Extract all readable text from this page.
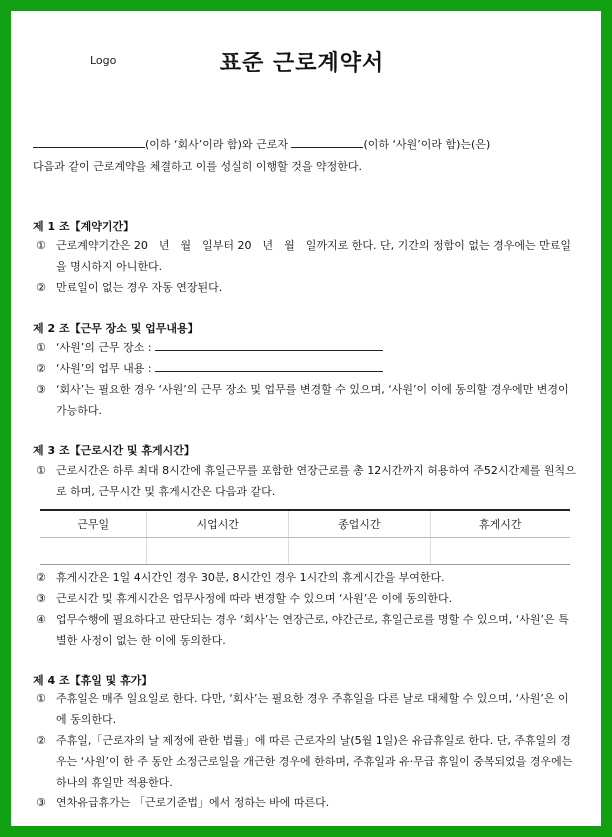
Logo	표준 근로계약서
(이하 ‘회사’이라 함)와 근로자	(이하 ‘사원’이라 함)는(은)
다음과 같이 근로계약을 체결하고 이를 성실히 이행할 것을 약정한다.
제 1 조【계약기간】
① 근로계약기간은 20　년　월　일부터 20　년　월　일까지로 한다. 단, 기간의 정함이 없는 경우에는 만료일을 명시하지 아니한다.
② 만료일이 없는 경우 자동 연장된다.
제 2 조【근무 장소 및 업무내용】
① ‘사원’의 근무 장소 :
② ‘사원’의 업무 내용 :
③ ‘회사’는 필요한 경우 ‘사원’의 근무 장소 및 업무를 변경할 수 있으며, ‘사원’이 이에 동의할 경우에만 변경이 가능하다.
제 3 조【근로시간 및 휴게시간】
① 근로시간은 하루 최대 8시간에 휴일근무를 포함한 연장근로를 총 12시간까지 허용하여 주52시간제를 원칙으로 하며, 근무시간 및 휴게시간은 다음과 같다.
근무일	시업시간	종업시간	휴게시간

② 휴게시간은 1일 4시간인 경우 30분, 8시간인 경우 1시간의 휴게시간을 부여한다.
③ 근로시간 및 휴게시간은 업무사정에 따라 변경할 수 있으며 ‘사원’은 이에 동의한다.
④ 업무수행에 필요하다고 판단되는 경우 ‘회사’는 연장근로, 야간근로, 휴일근로를 명할 수 있으며, ‘사원’은 특별한 사정이 없는 한 이에 동의한다.
제 4 조【휴일 및 휴가】
① 주휴일은 매주 일요일로 한다. 다만, ‘회사’는 필요한 경우 주휴일을 다른 날로 대체할 수 있으며, ‘사원’은 이에 동의한다.
② 주휴일,「근로자의 날 제정에 관한 법률」에 따른 근로자의 날(5월 1일)은 유급휴일로 한다. 단, 주휴일의 경우는 ‘사원’이 한 주 동안 소정근로일을 개근한 경우에 한하며, 주휴일과 유·무급 휴일이 중복되었을 경우에는 하나의 휴일만 적용한다.
③ 연차유급휴가는 「근로기준법」에서 정하는 바에 따른다.
